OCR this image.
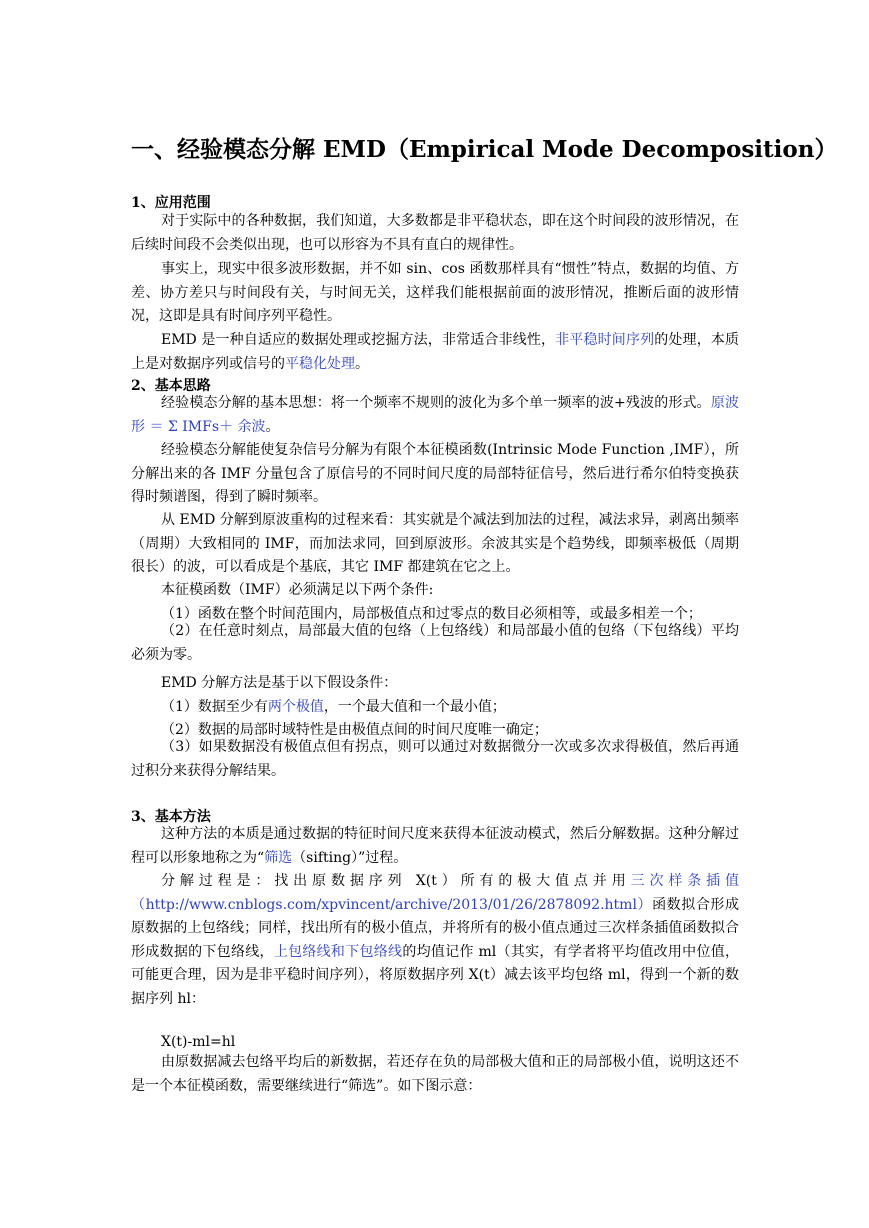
一、经验模态分解 EMD（Empirical Mode Decomposition）
1、应用范围

对于实际中的各种数据，我们知道，大多数都是非平稳状态，即在这个时间段的波形情况，在后续时间段不会类似出现，也可以形容为不具有直白的规律性。

事实上，现实中很多波形数据，并不如 sin、cos 函数那样具有“惯性”特点，数据的均值、方差、协方差只与时间段有关，与时间无关，这样我们能根据前面的波形情况，推断后面的波形情况，这即是具有时间序列平稳性。

EMD 是一种自适应的数据处理或挖掘方法，非常适合非线性，非平稳时间序列的处理，本质上是对数据序列或信号的平稳化处理。

2、基本思路

经验模态分解的基本思想：将一个频率不规则的波化为多个单一频率的波+残波的形式。原波形 ＝ Σ IMFs＋ 余波。

经验模态分解能使复杂信号分解为有限个本征模函数(Intrinsic Mode Function ,IMF），所分解出来的各 IMF 分量包含了原信号的不同时间尺度的局部特征信号，然后进行希尔伯特变换获得时频谱图，得到了瞬时频率。

从 EMD 分解到原波重构的过程来看：其实就是个减法到加法的过程，减法求异，剥离出频率（周期）大致相同的 IMF，而加法求同，回到原波形。余波其实是个趋势线，即频率极低（周期很长）的波，可以看成是个基底，其它 IMF 都建筑在它之上。

本征模函数（IMF）必须满足以下两个条件:
（1）函数在整个时间范围内，局部极值点和过零点的数目必须相等，或最多相差一个；

（2）在任意时刻点，局部最大值的包络（上包络线）和局部最小值的包络（下包络线）平均必须为零。

EMD 分解方法是基于以下假设条件：
（1）数据至少有两个极值，一个最大值和一个最小值；
（2）数据的局部时域特性是由极值点间的时间尺度唯一确定；

（3）如果数据没有极值点但有拐点，则可以通过对数据微分一次或多次求得极值，然后再通过积分来获得分解结果。

3、基本方法

这种方法的本质是通过数据的特征时间尺度来获得本征波动模式，然后分解数据。这种分解过程可以形象地称之为“筛选（sifting）”过程。

分解过程是：找出原数据序列 X(t）所有的极大值点并用三次样条插值（http://www.cnblogs.com/xpvincent/archive/2013/01/26/2878092.html）函数拟合形成原数据的上包络线；同样，找出所有的极小值点，并将所有的极小值点通过三次样条插值函数拟合形成数据的下包络线，上包络线和下包络线的均值记作 ml（其实，有学者将平均值改用中位值，可能更合理，因为是非平稳时间序列），将原数据序列 X(t）减去该平均包络 ml，得到一个新的数据序列 hl：

X(t)-ml=hl

由原数据减去包络平均后的新数据，若还存在负的局部极大值和正的局部极小值，说明这还不是一个本征模函数，需要继续进行“筛选”。如下图示意：
